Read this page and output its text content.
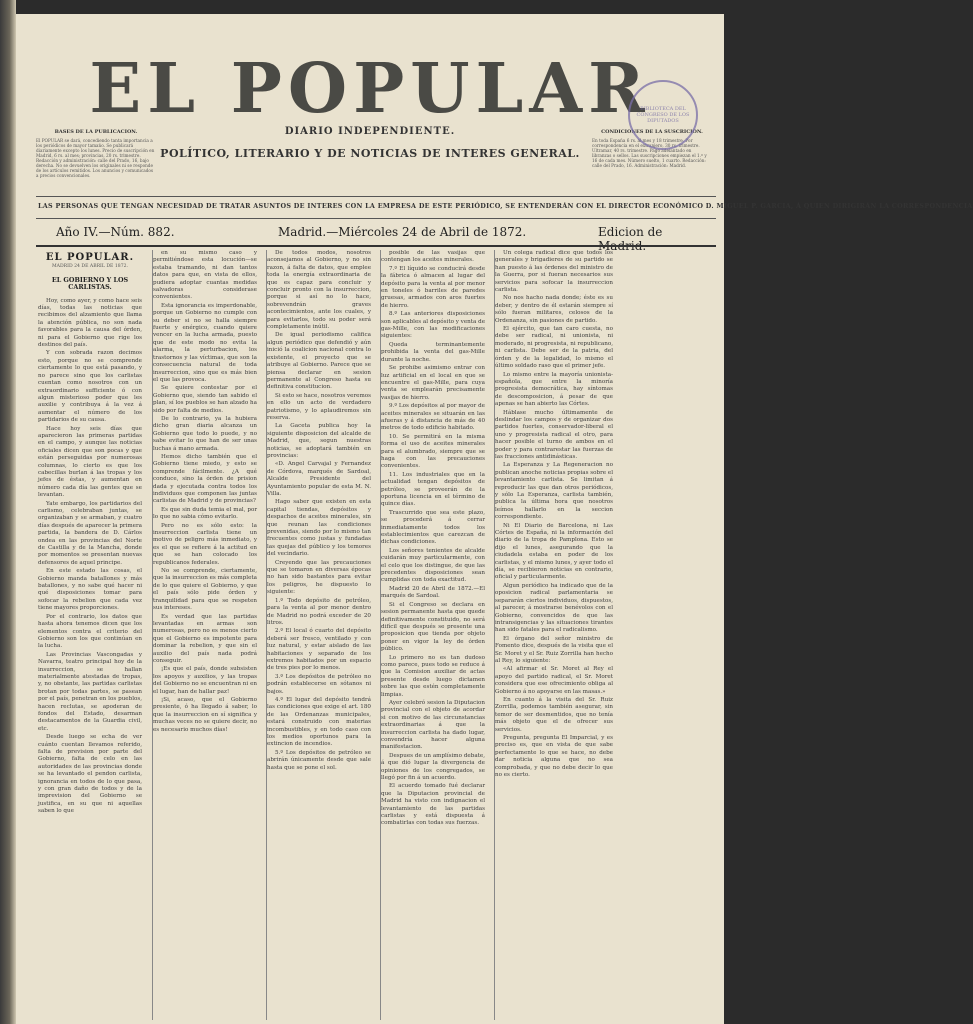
EL POPULAR
DIARIO INDEPENDIENTE.
POLÍTICO, LITERARIO Y DE NOTICIAS DE INTERES GENERAL.
BASES DE LA PUBLICACION.
El POPULAR se dará, concediendo tanta importancia a los periódicos de mayor tamaño. Se publicará diariamente excepto los lunes. Precio de suscripción en Madrid, 6 rs. al mes; provincias, 20 rs. trimestre. Redacción y administración: calle del Prado, 16, bajo derecha. No se devuelven los originales ni se responde de los artículos remitidos. Los anuncios y comunicados a precios convencionales.
CONDICIONES DE LA SUSCRICION.
En toda España 6 rs. al mes y 18 trimestre. Por correspondencia en el extranjero, 30 rs. trimestre. Ultramar, 40 rs. trimestre. Pago adelantado en libranzas o sellos. Las suscripciones empiezan el 1.º y 16 de cada mes. Número suelto, 1 cuarto. Redacción: calle del Prado, 16. Administración: Madrid.
BIBLIOTECA DEL CONGRESO DE LOS DIPUTADOS
LAS PERSONAS QUE TENGAN NECESIDAD DE TRATAR ASUNTOS DE INTERES CON LA EMPRESA DE ESTE PERIÓDICO, SE ENTENDERÁN CON EL DIRECTOR ECONÓMICO D. MIGUEL P. GARCIA, Á QUIEN DIRIGIRÁN LA CORRESPONDENCIA
Año IV.—Núm. 882.	Madrid.—Miércoles 24 de Abril de 1872.	Edicion de
EL POPULAR.
MADRID 24 DE ABRIL DE 1872.
EL GOBIERNO Y LOS CARLISTAS.

Hoy, como ayer, y como hace seis días, todas las noticias que recibimos del alzamiento que llama la atención pública, no son nada favorables para la causa del órden, ni para el Gobierno que rige los destinos del país.

Y con sobrada razon decimos esto, porque no se comprende ciertamente lo que está pasando, y no parece sino que los carlistas cuentan como nosotros con un extraordinario sufficiente ó con algun misterioso poder que les auxilie y contribuya á la vez á aumentar el número de los partidarios de su causa.

Hace hoy seis días que aparecieron las primeras partidas en el campo, y aunque las noticias oficiales dicen que son pocas y que están perseguidas por numerosas columnas, lo cierto es que los cabecillas burlan á las tropas y los jefes de éstas, y aumentan en número cada día las gentes que se levantan.

Yate embargo, los partidarios del carlismo, celebraban juntas, se organizaban y se armaban, y cuatro días después de aparecer la primera partida, la bandera de D. Cárlos ondea en las provincias del Norte de Castilla y de la Mancha, donde por momentos se presentan nuevas defensores de aquel principe.

En este estado las cosas, el Gobierno manda batallones y más batallones, y no sabe qué hacer ni qué disposiciones tomar para sofocar la rebelion que cada vez tiene mayores proporciones.

Por el contrario, los datos que hasta ahora tenemos dicen que los elementos contra el criterio del Gobierno son los que continúan en la lucha.

Las Provincias Vascongadas y Navarra, teatro principal hoy de la insurreccion, se hallan materialmente atestadas de tropas, y, no obstante, las partidas carlistas brotan por todas partes, se pasean por el país, penetran en los pueblos, hacen reclutas, se apoderan de fondos del Estado, desarman destacamentos de la Guardia civil, etc.

Desde luego se echa de ver cuánto cuentan llevamos referido, falta de prevision por parte del Gobierno, falta de celo en las autoridades de las provincias donde se ha levantado el pendon carlista, ignorancia en todos de lo que pasa, y con gran daño de todos y de la imprevision del Gobierno se justifica, en su que ni aquellas saben lo que

en su mismo caso y permitiéndose esta locución—se estaba tramando, ni dan tantos datos para que, en vista de ellos, pudiera adoptar cuantas medidas salvadoras considerase convenientes.

Esta ignorancia es imperdonable, porque un Gobierno no cumple con su deber si no se halla siempre fuerte y enérgico, cuando quiere vencer en la lucha armada, puesto que de este modo no evita la alarma, la perturbacion, los trastornos y las víctimas, que son la consecuencia natural de toda insurreccion, sino que es más bien el que las provoca.

Se quiere contestar por el Gobierno que, siendo tan sabido el plan, sí los pueblos se han alzado ha sido por falta de medios.

De lo contrario, ya la hubiera dicho gran diaria alcanza un Gobierno que todo lo puede, y no sabe evitar lo que han de ser unas luchas á mano armada.

Hemos dicho también que el Gobierno tiene miedo, y esto se comprende fácilmente. ¿A qué conduce, sino la órden de prision dada y ejecutada contra todos los individuos que componen las juntas carlistas de Madrid y de provincias?

Es que sin duda temia el mal, por lo que no sabia cómo evitarlo.

Pero no es sólo esto: la insurreccion carlista tiene un motivo de peligro más inmediato, y es el que se refiere á la actitud en que se han colocado los republicanos federales.

No se comprende, ciertamente, que la insurreccion es más completa de lo que quiere el Gobierno, y que el país sólo pide órden y tranquilidad para que se respeten sus intereses.

Es verdad que las partidas levantadas en armas son numerosas, pero no es menos cierto que el Gobierno es impotente para dominar la rebelion, y que sin el auxilio del país nada podrá conseguir.

¡Es que el país, donde subsisten los apoyos y auxilios, y las tropas del Gobierno no se encuentran ni en el lugar, han de hallar paz!

¡Si, acaso, que el Gobierno presiente, ó ha llegado á saber, lo que la insurreccion en sí significa y muchas veces no se quiere decir, no es necesario muchos días!

De todos modos, nosotros aconsejamos al Gobierno, y no sin razon, á falta de datos, que emplee toda la energía extraordinaria de que es capaz para concluir y concluir pronto con la insurreccion, porque si así no lo hace, sobrevendrán graves acontecimientos, ante los cuales, y para evitarlos, todo su poder será completamente inútil.

De igual periodismo califica algun periódico que defendió y aún inició la coalicion nacional contra lo existente, el proyecto que se atribuye al Gobierno. Parece que se piensa declarar en sesion permanente al Congreso hasta su definitiva constitucion.

Si esto se hace, nosotros veremos en ello un acto de verdadero patriotismo, y lo aplaudiremos sin reserva.

La Gaceta publica hoy la siguiente disposicion del alcalde de Madrid, que, segun nuestras noticias, se adoptará también en provincias:

«D. Angel Carvajal y Fernandez de Córdova, marqués de Sardoal, Alcalde Presidente del Ayuntamiento popular de esta M. N. Villa.

Hago saber que existen en esta capital tiendas, depósitos y despachos de aceites minerales, sin que reunan las condiciones prevenidas, siendo por lo mismo tan frecuentes como justas y fundadas las quejas del público y los temores del vecindario.

Creyendo que las precauciones que se tomaron en diversas épocas no han sido bastantes para evitar los peligros, he dispuesto lo siguiente:

1.º Todo depósito de petróleo, para la venta al por menor dentro de Madrid no podrá exceder de 20 litros.

2.º El local ó cuarto del depósito deberá ser fresco, ventilado y con luz natural, y estar aislado de las habitaciones y separado de los extremos habitados por un espacio de tres pies por lo menos.

3.º Los depósitos de petróleo no podrán establecerse en sótanos ni bajos.

4.º El lugar del depósito tendrá las condiciones que exige el art. 180 de las Ordenanzas municipales, estará construido con materias incombustibles, y en todo caso con los medios oportunos para la extincion de incendios.

5.º Los depósitos de petróleo se abrirán únicamente desde que sale hasta que se pone el sol.

posible de las vasijas que contengan los aceites minerales.

7.º El líquido se conducirá desde la fábrica ó almacen al lugar del depósito para la venta al por menor en toneles ó barriles de paredes gruesas, armados con aros fuertes de hierro.

8.º Las anteriores disposiciones son aplicables al depósito y venta de gas-Mille, con las modificaciones siguientes:

Queda terminantemente prohibida la venta del gas-Mille durante la noche.

Se prohibe asimismo entrar con luz artificial en el local en que se encuentre el gas-Mille, para cuya venta se emplearán precisamente vasijas de hierro.

9.º Los depósitos al por mayor de aceites minerales se situarán en las afueras y á distancia de más de 40 metros de todo edificio habitado.

10. Se permitirá en la misma forma el uso de aceites minerales para el alumbrado, siempre que se haga con las precauciones convenientes.

11. Los industriales que en la actualidad tengan depósitos de petróleo, se proveerán de la oportuna licencia en el término de quince días.

Trascurrido que sea este plazo, se procederá á cerrar inmediatamente todos los establecimientos que carezcan de dichas condiciones.

Los señores tenientes de alcalde cuidarán muy particularmente, con el celo que los distingue, de que las precedentes disposiciones sean cumplidas con toda exactitud.

Madrid 20 de Abril de 1872.—El marqués de Sardoal.

Si el Congreso se declara en sesion permanente hasta que quede definitivamente constituido, no será difícil que después se presente una proposicion que tienda por objeto poner en vigor la ley de órden público.

Lo primero no es tan dudoso como parece, pues todo se reduce á que la Comision auxiliar de actas presente desde luego dictamen sobre las que estén completamente limpias.

Ayer celebró sesion la Diputacion provincial con el objeto de acordar si con motivo de las circunstancias extraordinarias á que la insurreccion carlista ha dado lugar, convendría hacer alguna manifestacion.

Despues de un amplísimo debate, á que dió lugar la divergencia de opiniones de los congregados, se llegó por fin á un acuerdo.

El acuerdo tomado fué declarar que la Diputacion provincial de Madrid ha visto con indignacion el levantamiento de las partidas carlistas y está dispuesta á combatirlas con todas sus fuerzas.

Un colega radical dice que todos los generales y brigadieres de su partido se han puesto á las órdenes del ministro de la Guerra, por si fueran necesarios sus servicios para sofocar la insurreccion carlista.

No nos hacho nada donde; éste es su deber, y dentro de él estarán siempre sí sólo fueran militares, celosos de la Ordenanza, sin pasiones de partido.

El ejército, que tan caro cuesta, no debe ser radical, ni unionista, ni moderado, ni progresista, ni republicano, ni carlista. Debe ser de la patria, del órden y de la legalidad, lo mismo el último soldado raso que el primer jefe.

Lo mismo entre la mayoría unionista-española, que entre la minoría progresista democrática, hay síntomas de descomposicion, á pesar de que apenas se han abierto las Córtes.

Háblase mucho últimamente de deslindar los campos y de organizar dos partidos fuertes, conservador-liberal el uno y progresista radical el otro, para hacer posible el turno de ambos en el poder y para contrarestar las fuerzas de las fracciones antidinásticas.

La Esperanza y La Regeneracion no publican anoche noticias propias sobre el levantamiento carlista. Se limitan á reproducir las que dan otros periódicos, y sólo La Esperanza, carlista también, publica la última hora que nosotros leímos hallarlo en la seccion correspondiente.

Ni El Diario de Barcelona, ni Las Córtes de España, ni la información del diario de la tropa de Pamplona. Esto se dijo el lunes, asegurando que la ciudadela estaba en poder de los carlistas, y el mismo lunes, y ayer todo el día, se recibieron noticias en contrario, oficial y particularmente.

Algun periódico ha indicado que de la oposicion radical parlamentaria se separarán ciertos individuos, dispuestos, al parecer, á mostrarse benévolos con el Gobierno, convencidos de que las intransigencias y las situaciones tirantes han sido fatales para el radicalismo.

El órgano del señor ministro de Fomento dice, después de la visita que el Sr. Moret y el Sr. Ruiz Zorrilla han hecho al Rey, lo siguiente:

«Al afirmar el Sr. Moret al Rey el apoyo del partido radical, el Sr. Moret considera que ese ofrecimiento obliga al Gobierno á no apoyarse en las masas.»

En cuanto á la visita del Sr. Ruiz Zorrilla, podemos también asegurar, sin temor de ser desmentidos, que no tenía más objeto que el de ofrecer sus servicios.

Pregunta, pregunta El Imparcial, y es preciso es, que en vista de que sabe perfectamente lo que se hace, no debe dar noticia alguna que no sea comprobada, y que no debe decir lo que no es cierto.
